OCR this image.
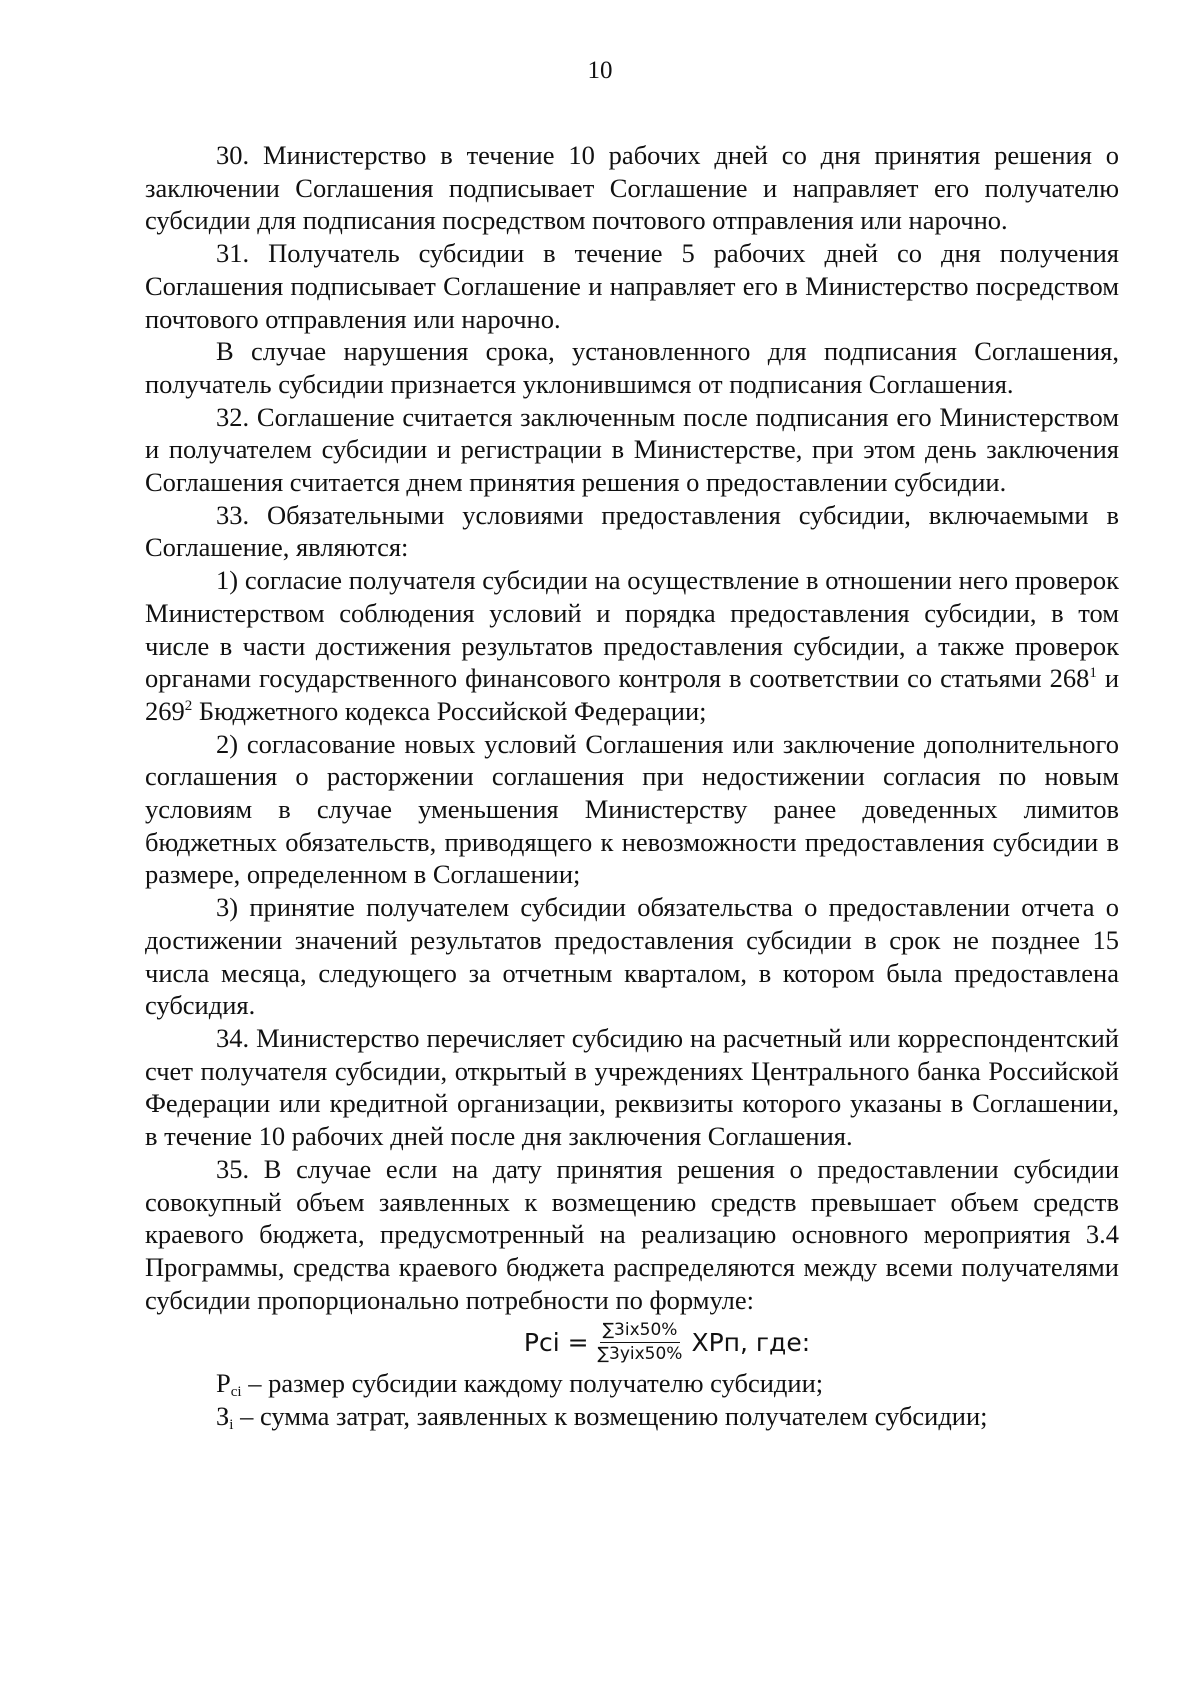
10

30. Министерство в течение 10 рабочих дней со дня принятия решения о заключении Соглашения подписывает Соглашение и направляет его получателю субсидии для подписания посредством почтового отправления или нарочно.

31. Получатель субсидии в течение 5 рабочих дней со дня получения Соглашения подписывает Соглашение и направляет его в Министерство посредством почтового отправления или нарочно.

В случае нарушения срока, установленного для подписания Соглашения, получатель субсидии признается уклонившимся от подписания Соглашения.

32. Соглашение считается заключенным после подписания его Министерством и получателем субсидии и регистрации в Министерстве, при этом день заключения Соглашения считается днем принятия решения о предоставлении субсидии.

33. Обязательными условиями предоставления субсидии, включаемыми в Соглашение, являются:

1) согласие получателя субсидии на осуществление в отношении него проверок Министерством соблюдения условий и порядка предоставления субсидии, в том числе в части достижения результатов предоставления субсидии, а также проверок органами государственного финансового контроля в соответствии со статьями $268^1$ и $269^2$ Бюджетного кодекса Российской Федерации;

2) согласование новых условий Соглашения или заключение дополнительного соглашения о расторжении соглашения при недостижении согласия по новым условиям в случае уменьшения Министерству ранее доведенных лимитов бюджетных обязательств, приводящего к невозможности предоставления субсидии в размере, определенном в Соглашении;

3) принятие получателем субсидии обязательства о предоставлении отчета о достижении значений результатов предоставления субсидии в срок не позднее 15 числа месяца, следующего за отчетным кварталом, в котором была предоставлена субсидия.

34. Министерство перечисляет субсидию на расчетный или корреспондентский счет получателя субсидии, открытый в учреждениях Центрального банка Российской Федерации или кредитной организации, реквизиты которого указаны в Соглашении, в течение 10 рабочих дней после дня заключения Соглашения.

35. В случае если на дату принятия решения о предоставлении субсидии совокупный объем заявленных к возмещению средств превышает объем средств краевого бюджета, предусмотренный на реализацию основного мероприятия 3.4 Программы, средства краевого бюджета распределяются между всеми получателями субсидии пропорционально потребности по формуле:

Pci = $\frac{\sum 3ix50\%}{\text{∑3уix50\%}}$ XPп, где:

$P_{ci}$ – размер субсидии каждому получателю субсидии;

$З_i$ – сумма затрат, заявленных к возмещению получателем субсидии;
